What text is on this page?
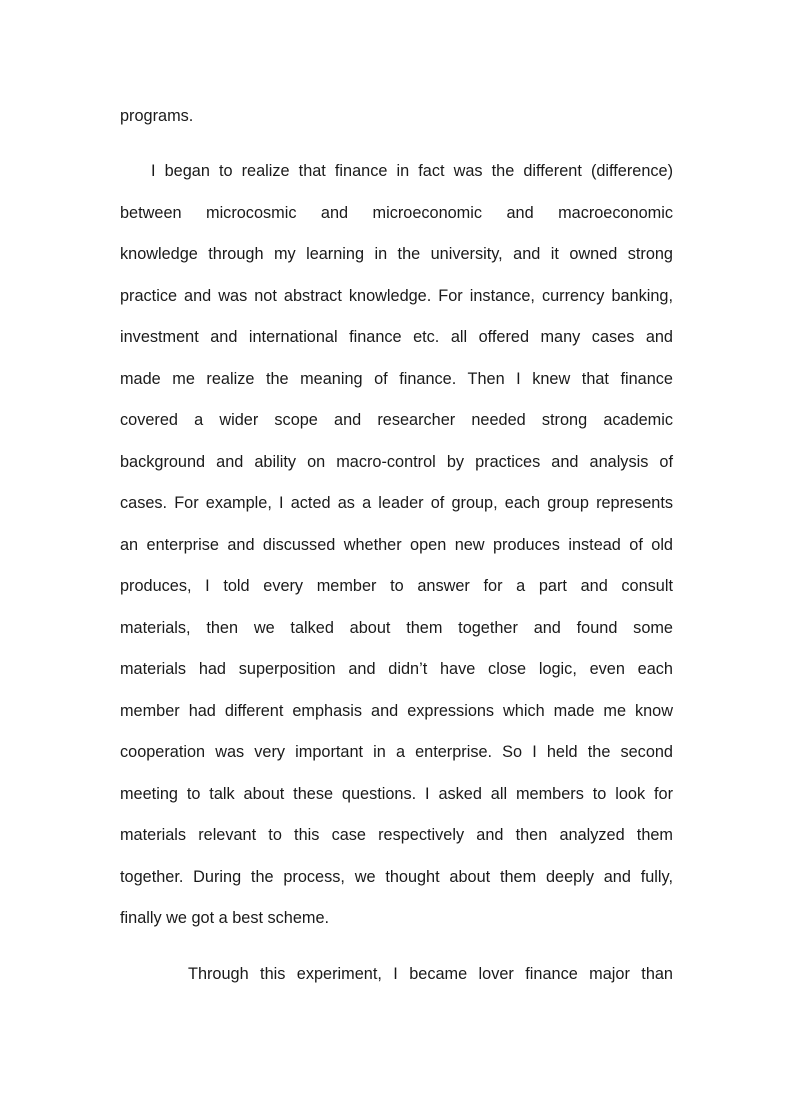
programs.
I began to realize that finance in fact was the different (difference)
between microcosmic and microeconomic and macroeconomic
knowledge through my learning in the university, and it owned strong
practice and was not abstract knowledge. For instance, currency banking,
investment and international finance etc. all offered many cases and
made me realize the meaning of finance. Then I knew that finance
covered a wider scope and researcher needed strong academic
background and ability on macro-control by practices and analysis of
cases. For example, I acted as a leader of group, each group represents
an enterprise and discussed whether open new produces instead of old
produces, I told every member to answer for a part and consult
materials, then we talked about them together and found some
materials had superposition and didn’t have close logic, even each
member had different emphasis and expressions which made me know
cooperation was very important in a enterprise. So I held the second
meeting to talk about these questions. I asked all members to look for
materials relevant to this case respectively and then analyzed them
together. During the process, we thought about them deeply and fully,
finally we got a best scheme.
Through this experiment, I became lover finance major than
